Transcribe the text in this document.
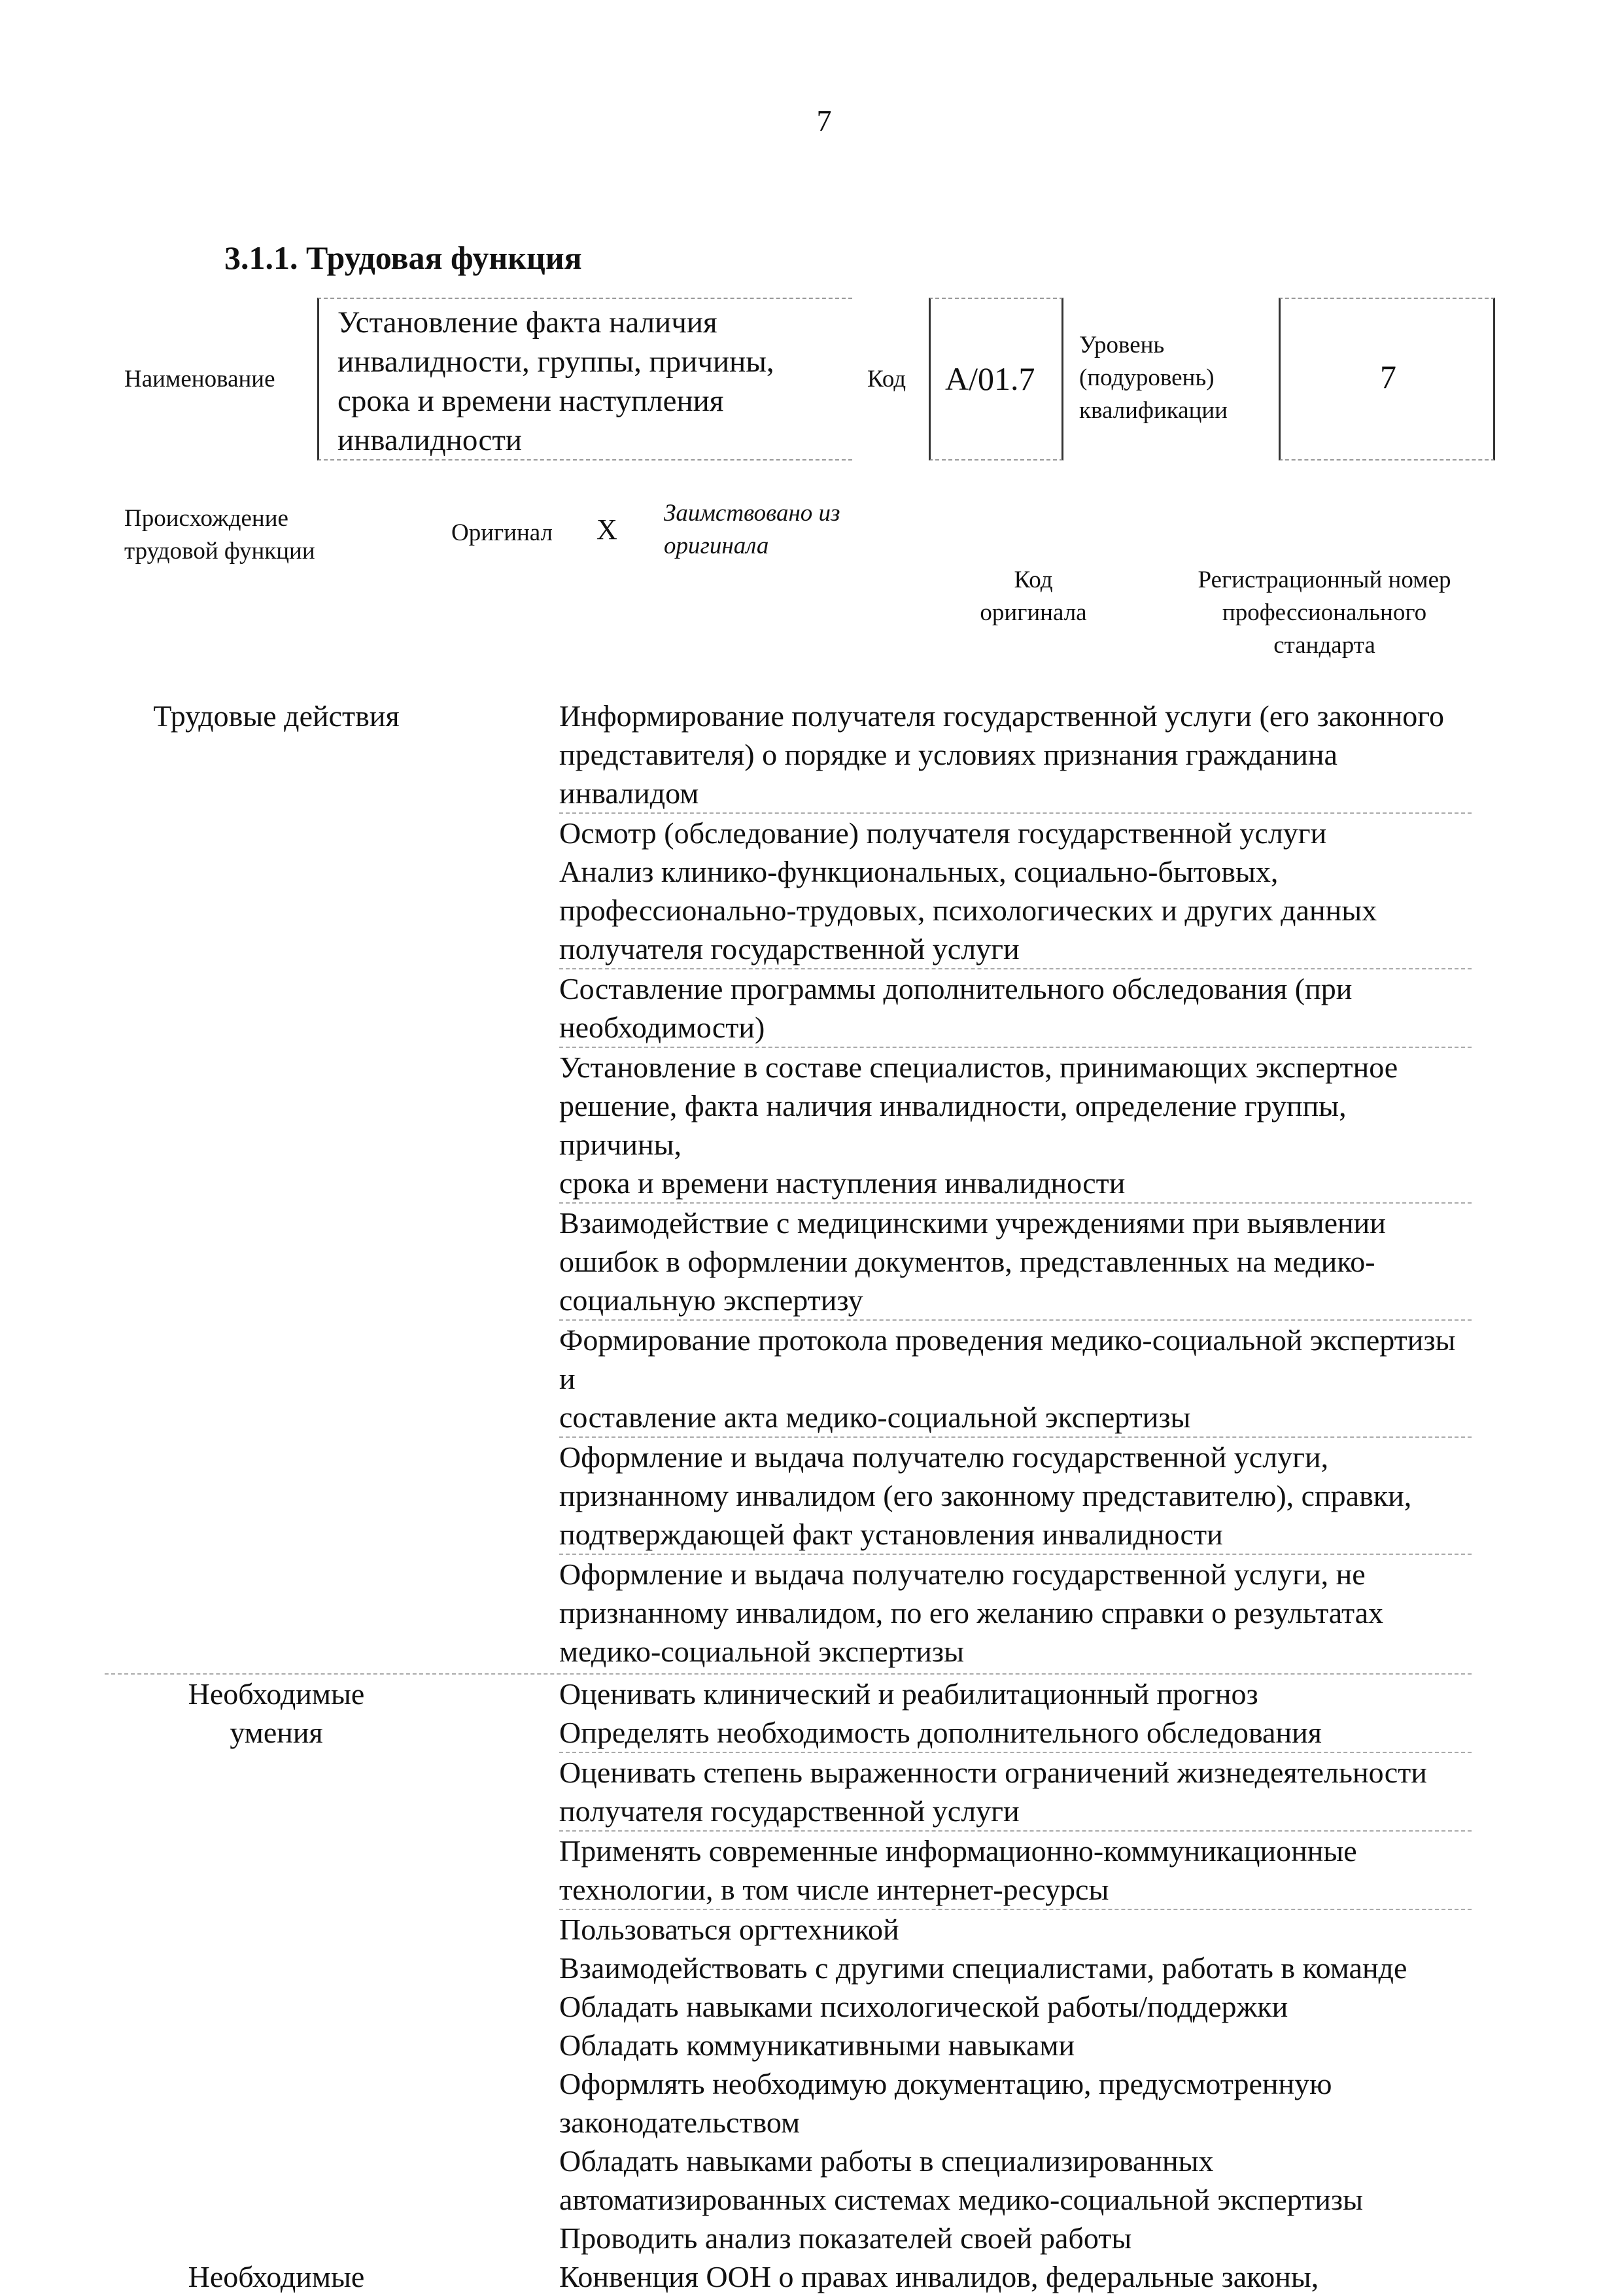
7
3.1.1. Трудовая функция
Наименование
Установление факта наличия
инвалидности, группы, причины,
срока и времени наступления
инвалидности
Код А/01.7
Уровень
(подуровень)
квалификации
7
Происхождение
трудовой функции
Оригинал X
Заимствовано из
оригинала
Код
оригинала
Регистрационный номер
профессионального
стандарта
Трудовые действия	Информирование получателя государственной услуги (его законного
представителя) о порядке и условиях признания гражданина инвалидом
Осмотр (обследование) получателя государственной услуги
Анализ клинико-функциональных, социально-бытовых,
профессионально-трудовых, психологических и других данных
получателя государственной услуги
Составление программы дополнительного обследования (при
необходимости)
Установление в составе специалистов, принимающих экспертное
решение, факта наличия инвалидности, определение группы, причины,
срока и времени наступления инвалидности
Взаимодействие с медицинскими учреждениями при выявлении
ошибок в оформлении документов, представленных на медико-
социальную экспертизу
Формирование протокола проведения медико-социальной экспертизы и
составление акта медико-социальной экспертизы
Оформление и выдача получателю государственной услуги,
признанному инвалидом (его законному представителю), справки,
подтверждающей факт установления инвалидности
Оформление и выдача получателю государственной услуги, не
признанному инвалидом, по его желанию справки о результатах
медико-социальной экспертизы
Необходимые
умения
Оценивать клинический и реабилитационный прогноз
Определять необходимость дополнительного обследования
Оценивать степень выраженности ограничений жизнедеятельности
получателя государственной услуги
Применять современные информационно-коммуникационные
технологии, в том числе интернет-ресурсы
Пользоваться оргтехникой
Взаимодействовать с другими специалистами, работать в команде
Обладать навыками психологической работы/поддержки
Обладать коммуникативными навыками
Оформлять необходимую документацию, предусмотренную
законодательством
Обладать навыками работы в специализированных
автоматизированных системах медико-социальной экспертизы
Проводить анализ показателей своей работы
Необходимые	Конвенция ООН о правах инвалидов, федеральные законы,
